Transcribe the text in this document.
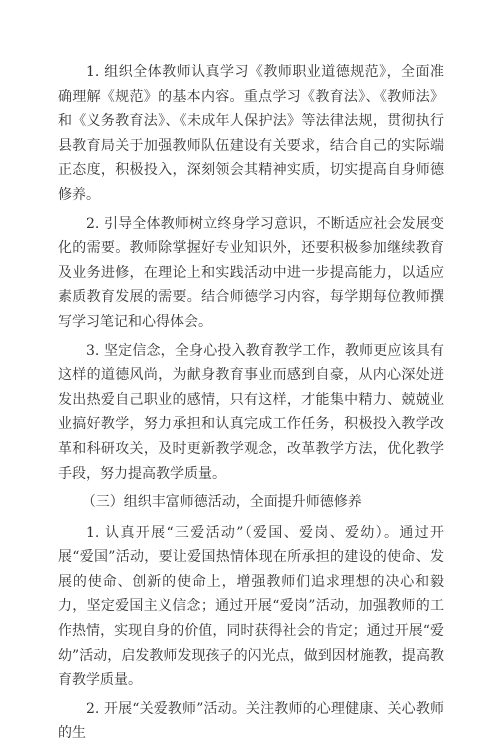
1. 组织全体教师认真学习《教师职业道德规范》，全面准确理解《规范》的基本内容。重点学习《教育法》、《教师法》和《义务教育法》、《未成年人保护法》等法律法规，贯彻执行县教育局关于加强教师队伍建设有关要求，结合自己的实际端正态度，积极投入，深刻领会其精神实质，切实提高自身师德修养。

2. 引导全体教师树立终身学习意识，不断适应社会发展变化的需要。教师除掌握好专业知识外，还要积极参加继续教育及业务进修，在理论上和实践活动中进一步提高能力，以适应素质教育发展的需要。结合师德学习内容，每学期每位教师撰写学习笔记和心得体会。

3. 坚定信念，全身心投入教育教学工作，教师更应该具有这样的道德风尚，为献身教育事业而感到自豪，从内心深处迸发出热爱自己职业的感情，只有这样，才能集中精力、兢兢业业搞好教学，努力承担和认真完成工作任务，积极投入教学改革和科研攻关，及时更新教学观念，改革教学方法，优化教学手段，努力提高教学质量。

（三）组织丰富师德活动，全面提升师德修养

1. 认真开展“三爱活动”（爱国、爱岗、爱幼）。通过开展“爱国”活动，要让爱国热情体现在所承担的建设的使命、发展的使命、创新的使命上，增强教师们追求理想的决心和毅力，坚定爱国主义信念；通过开展“爱岗”活动，加强教师的工作热情，实现自身的价值，同时获得社会的肯定；通过开展“爱幼”活动，启发教师发现孩子的闪光点，做到因材施教，提高教育教学质量。

2. 开展“关爱教师”活动。关注教师的心理健康、关心教师的生
